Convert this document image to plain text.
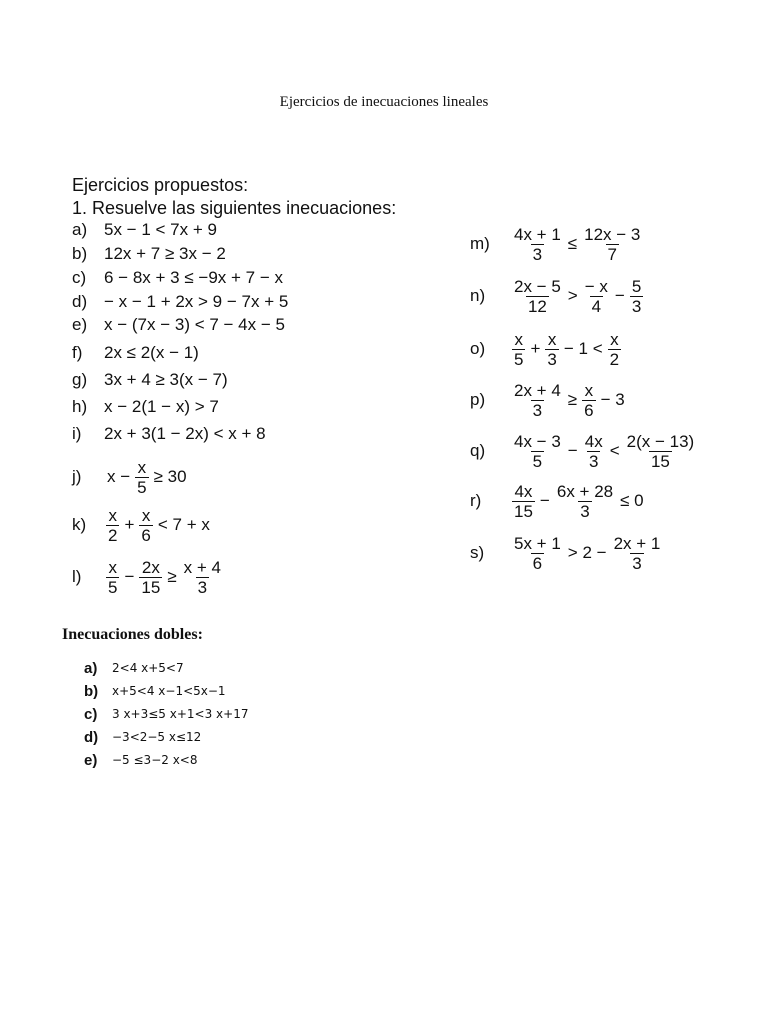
Ejercicios de inecuaciones lineales
Ejercicios propuestos:
1. Resuelve las siguientes inecuaciones:
a) 5x − 1 < 7x + 9
b) 12x + 7 ≥ 3x − 2
c)	6 − 8x + 3 ≤ −9x + 7 − x
d) − x − 1 + 2x > 9 − 7x + 5
e) x − (7x − 3) < 7 − 4x − 5
f)	2x ≤ 2(x − 1)
g) 3x + 4 ≥ 3(x − 7)
h) x − 2(1 − x) > 7
i)	2x + 3(1 − 2x) < x + 8
j)	$x - \frac{x}{5} \ge 30$
k)	$\frac{x}{2} + \frac{x}{6} < 7 + x$
l)	$\frac{x}{5} - \frac{2x}{15} \ge \frac{x + 4}{3}$
m)	$\frac{4x + 1}{3} \le \frac{12x - 3}{7}$
n)	$\frac{2x - 5}{12} > \frac{- x}{4} - \frac{5}{3}$
o)	$\frac{x}{5} + \frac{x}{3} - 1 < \frac{x}{2}$
p)	$\frac{2x + 4}{3} \ge \frac{x}{6} - 3$
q)	$\frac{4x - 3}{5} - \frac{4x}{3} < \frac{2(x - 13)}{15}$
r)	$\frac{4x}{15} - \frac{6x + 28}{3} \le 0$
s)	$\frac{5x + 1}{6} > 2 - \frac{2x + 1}{3}$
Inecuaciones dobles:
a)	2<4 x+5<7
b)	x+5<4 x−1<5x−1
c)	3 x+3≤5 x+1<3 x+17
d)	−3<2−5 x≤12
e)	−5 ≤3−2 x<8
